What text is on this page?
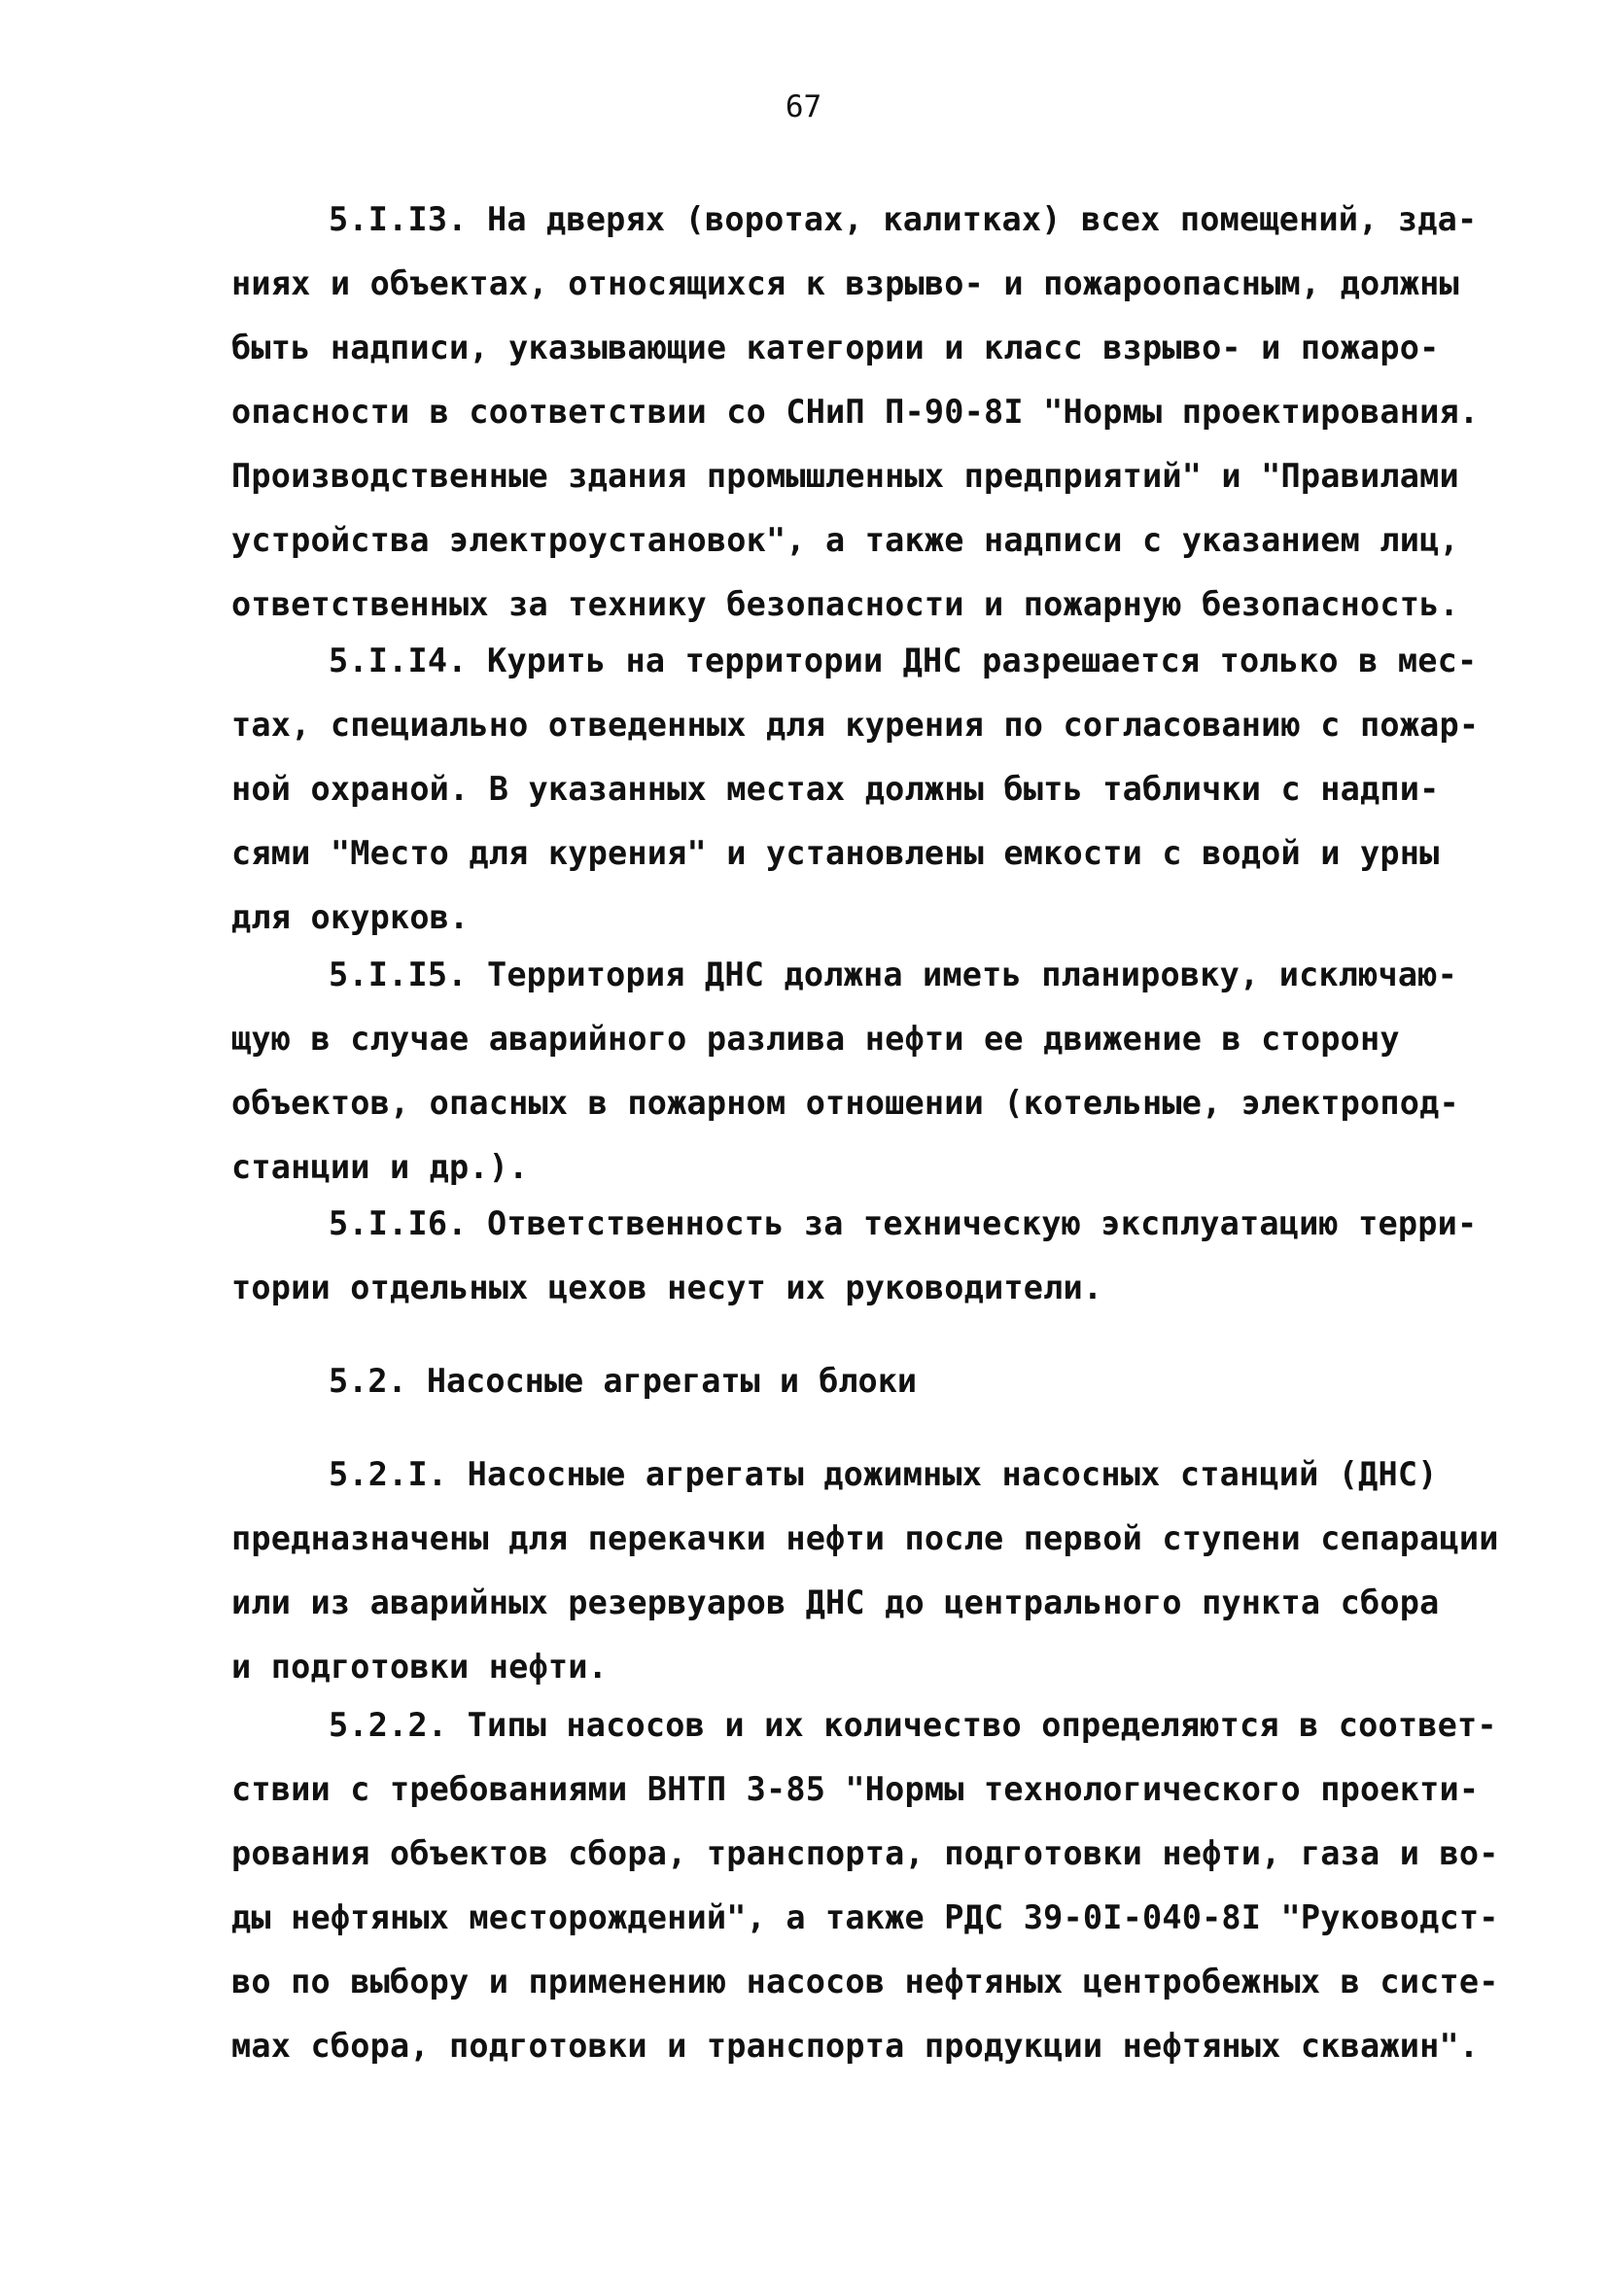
67
5.I.I3. На дверях (воротах, калитках) всех помещений, зда-
ниях и объектах, относящихся к взрыво- и пожароопасным, должны
быть надписи, указывающие категории и класс взрыво- и пожаро-
опасности в соответствии со СНиП П-90-8I "Нормы проектирования.
Производственные здания промышленных предприятий" и "Правилами
устройства электроустановок", а также надписи с указанием лиц,
ответственных за технику безопасности и пожарную безопасность.
5.I.I4. Курить на территории ДНС разрешается только в мес-
тах, специально отведенных для курения по согласованию с пожар-
ной охраной. В указанных местах должны быть таблички с надпи-
сями "Место для курения" и установлены емкости с водой и урны
для окурков.
5.I.I5. Территория ДНС должна иметь планировку, исключаю-
щую в случае аварийного разлива нефти ее движение в сторону
объектов, опасных в пожарном отношении (котельные, электропод-
станции и др.).
5.I.I6. Ответственность за техническую эксплуатацию терри-
тории отдельных цехов несут их руководители.
5.2. Насосные агрегаты и блоки
5.2.I. Насосные агрегаты дожимных насосных станций (ДНС)
предназначены для перекачки нефти после первой ступени сепарации
или из аварийных резервуаров ДНС до центрального пункта сбора
и подготовки нефти.
5.2.2. Типы насосов и их количество определяются в соответ-
ствии с требованиями ВНТП 3-85 "Нормы технологического проекти-
рования объектов сбора, транспорта, подготовки нефти, газа и во-
ды нефтяных месторождений", а также РДС 39-0I-040-8I "Руководст-
во по выбору и применению насосов нефтяных центробежных в систе-
мах сбора, подготовки и транспорта продукции нефтяных скважин".
